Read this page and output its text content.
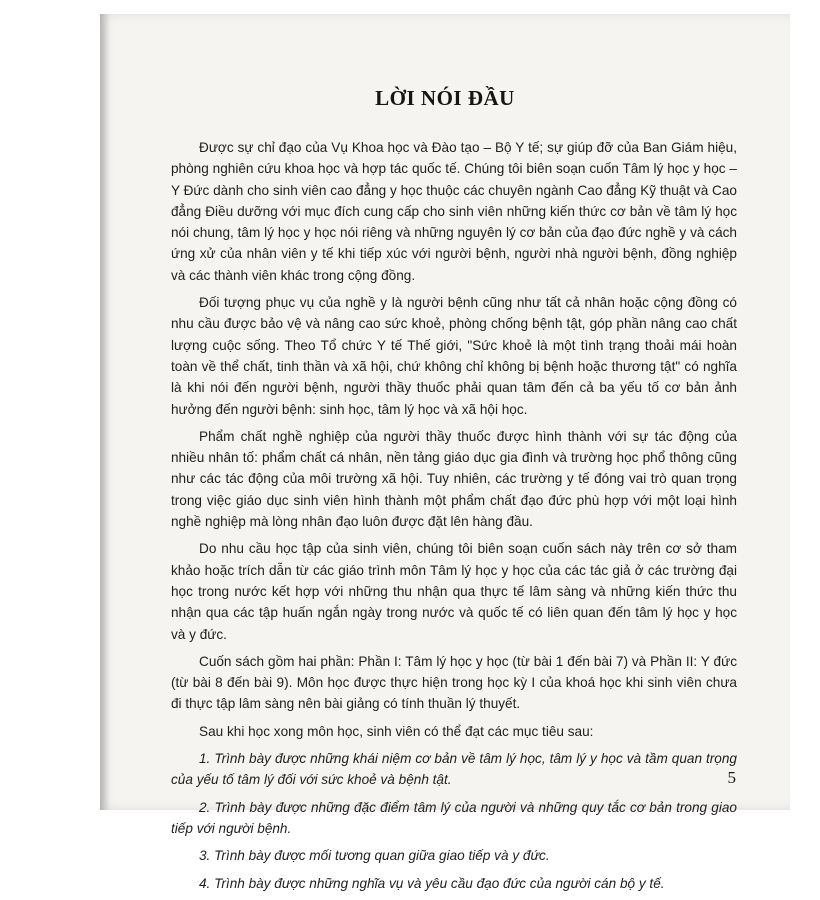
LỜI NÓI ĐẦU

Được sự chỉ đạo của Vụ Khoa học và Đào tạo – Bộ Y tế; sự giúp đỡ của Ban Giám hiệu, phòng nghiên cứu khoa học và hợp tác quốc tế. Chúng tôi biên soạn cuốn Tâm lý học y học – Y Đức dành cho sinh viên cao đẳng y học thuộc các chuyên ngành Cao đẳng Kỹ thuật và Cao đẳng Điều dưỡng với mục đích cung cấp cho sinh viên những kiến thức cơ bản về tâm lý học nói chung, tâm lý học y học nói riêng và những nguyên lý cơ bản của đạo đức nghề y và cách ứng xử của nhân viên y tế khi tiếp xúc với người bệnh, người nhà người bệnh, đồng nghiệp và các thành viên khác trong cộng đồng.

Đối tượng phục vụ của nghề y là người bệnh cũng như tất cả nhân hoặc cộng đồng có nhu cầu được bảo vệ và nâng cao sức khoẻ, phòng chống bệnh tật, góp phần nâng cao chất lượng cuộc sống. Theo Tổ chức Y tế Thế giới, "Sức khoẻ là một tình trạng thoải mái hoàn toàn về thể chất, tinh thần và xã hội, chứ không chỉ không bị bệnh hoặc thương tật" có nghĩa là khi nói đến người bệnh, người thầy thuốc phải quan tâm đến cả ba yếu tố cơ bản ảnh hưởng đến người bệnh: sinh học, tâm lý học và xã hội học.

Phẩm chất nghề nghiệp của người thầy thuốc được hình thành với sự tác động của nhiều nhân tố: phẩm chất cá nhân, nền tảng giáo dục gia đình và trường học phổ thông cũng như các tác động của môi trường xã hội. Tuy nhiên, các trường y tế đóng vai trò quan trọng trong việc giáo dục sinh viên hình thành một phẩm chất đạo đức phù hợp với một loại hình nghề nghiệp mà lòng nhân đạo luôn được đặt lên hàng đầu.

Do nhu cầu học tập của sinh viên, chúng tôi biên soạn cuốn sách này trên cơ sở tham khảo hoặc trích dẫn từ các giáo trình môn Tâm lý học y học của các tác giả ở các trường đại học trong nước kết hợp với những thu nhận qua thực tế lâm sàng và những kiến thức thu nhận qua các tập huấn ngắn ngày trong nước và quốc tế có liên quan đến tâm lý học y học và y đức.

Cuốn sách gồm hai phần: Phần I: Tâm lý học y học (từ bài 1 đến bài 7) và Phần II: Y đức (từ bài 8 đến bài 9). Môn học được thực hiện trong học kỳ I của khoá học khi sinh viên chưa đi thực tập lâm sàng nên bài giảng có tính thuần lý thuyết.

Sau khi học xong môn học, sinh viên có thể đạt các mục tiêu sau:

1. Trình bày được những khái niệm cơ bản về tâm lý học, tâm lý y học và tầm quan trọng của yếu tố tâm lý đối với sức khoẻ và bệnh tật.

2. Trình bày được những đặc điểm tâm lý của người và những quy tắc cơ bản trong giao tiếp với người bệnh.

3. Trình bày được mối tương quan giữa giao tiếp và y đức.

4. Trình bày được những nghĩa vụ và yêu cầu đạo đức của người cán bộ y tế.

5
